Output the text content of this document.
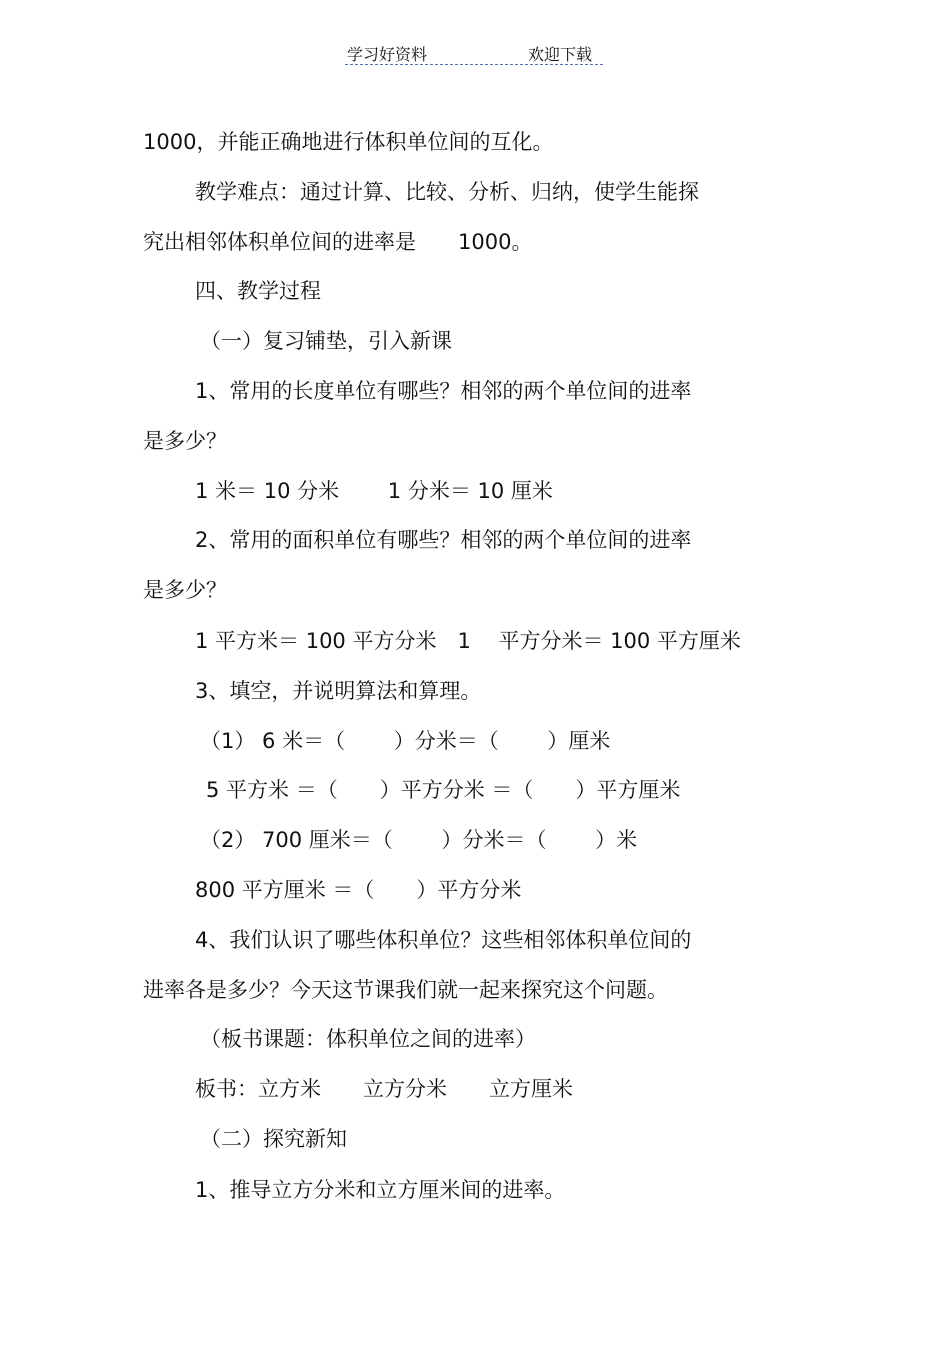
学习好资料	欢迎下载
1000，并能正确地进行体积单位间的互化。
教学难点：通过计算、比较、分析、归纳，使学生能探
究出相邻体积单位间的进率是　　1000。
四、教学过程
（一）复习铺垫，引入新课
1、常用的长度单位有哪些？相邻的两个单位间的进率
是多少？
1 米＝ 10 分米　　 1 分米＝ 10 厘米
2、常用的面积单位有哪些？相邻的两个单位间的进率
是多少？
1 平方米＝ 100 平方分米　1　 平方分米＝ 100 平方厘米
3、填空，并说明算法和算理。
（1） 6 米＝（　　 ）分米＝（　　 ）厘米
5 平方米 ＝（　　）平方分米 ＝（　　）平方厘米
（2） 700 厘米＝（　　 ）分米＝（　　 ）米
800 平方厘米 ＝（　　）平方分米
4、我们认识了哪些体积单位？这些相邻体积单位间的
进率各是多少？今天这节课我们就一起来探究这个问题。
（板书课题：体积单位之间的进率）
板书：立方米　　立方分米　　立方厘米
（二）探究新知
1、推导立方分米和立方厘米间的进率。
